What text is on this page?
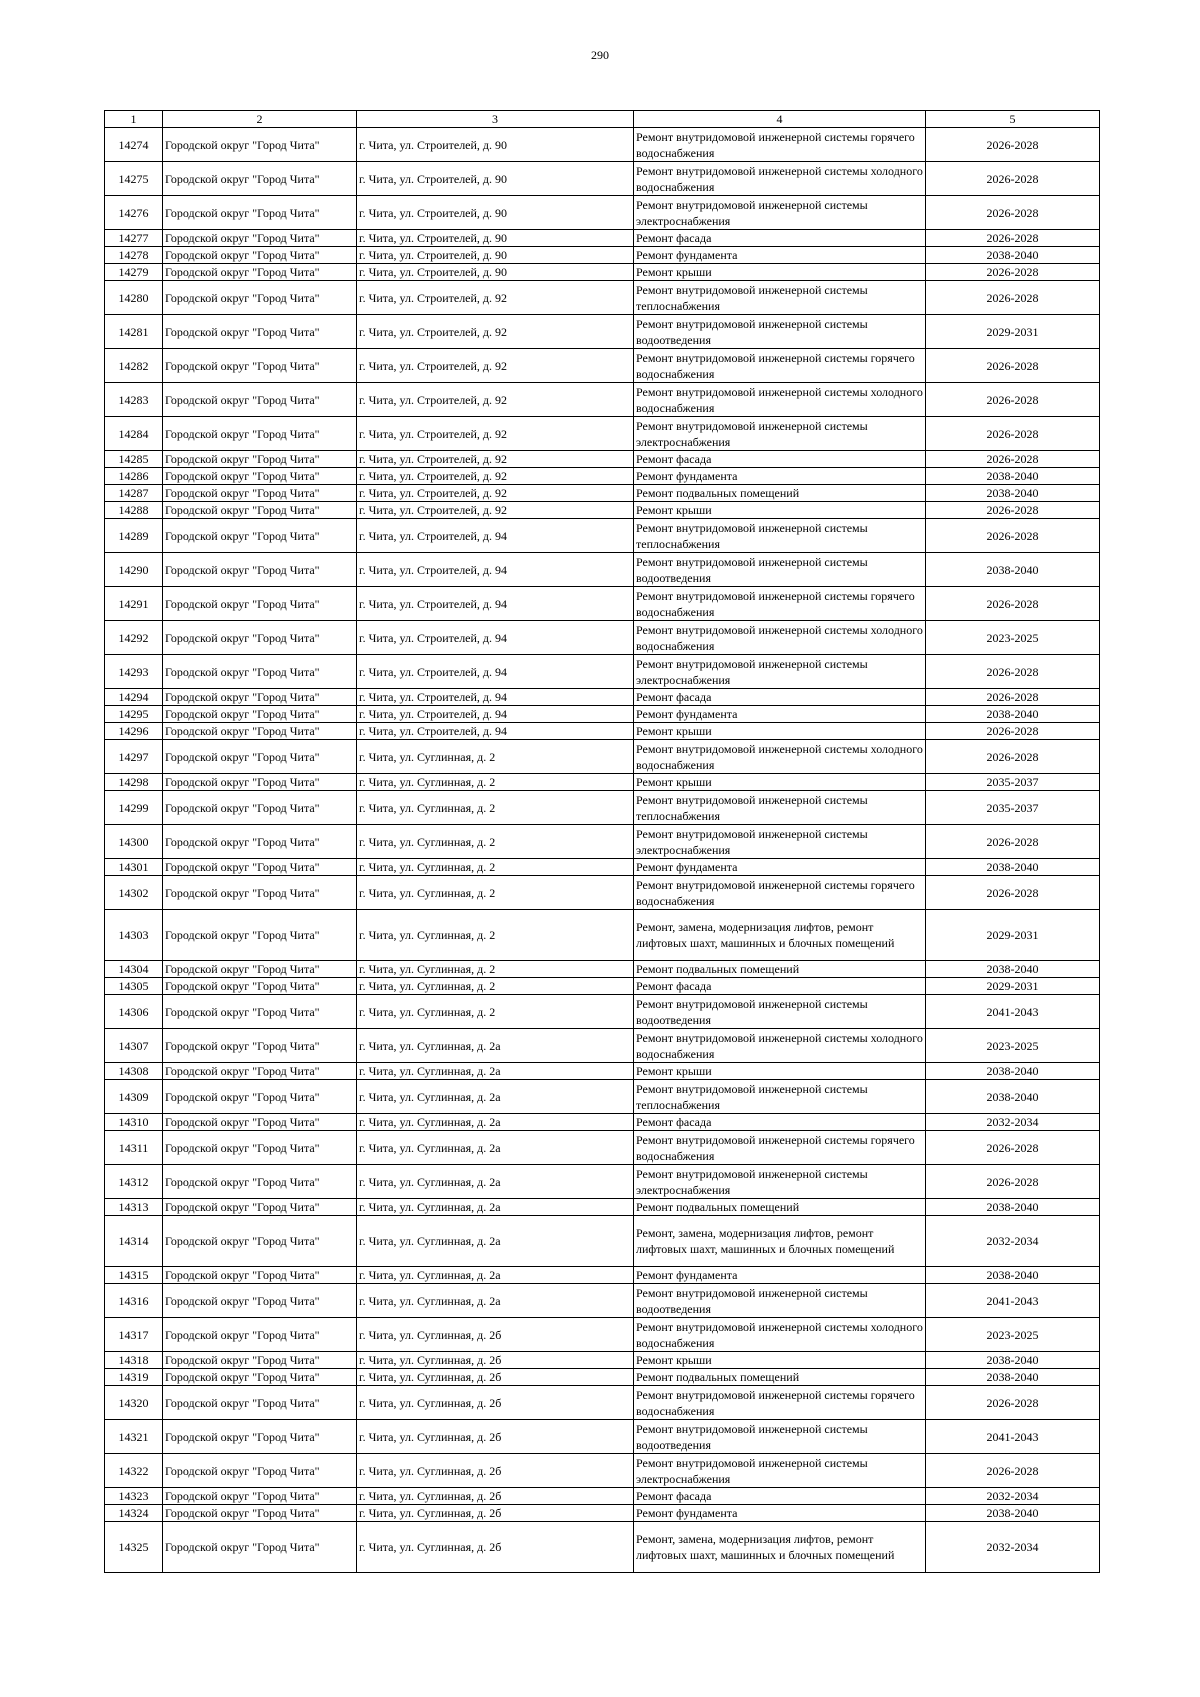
290
1	2	3	4	5
14274	Городской округ "Город Чита"	г. Чита, ул. Строителей, д. 90	Ремонт внутридомовой инженерной системы горячего водоснабжения	2026-2028
14275	Городской округ "Город Чита"	г. Чита, ул. Строителей, д. 90	Ремонт внутридомовой инженерной системы холодного водоснабжения	2026-2028
14276	Городской округ "Город Чита"	г. Чита, ул. Строителей, д. 90	Ремонт внутридомовой инженерной системы электроснабжения	2026-2028
14277	Городской округ "Город Чита"	г. Чита, ул. Строителей, д. 90	Ремонт фасада	2026-2028
14278	Городской округ "Город Чита"	г. Чита, ул. Строителей, д. 90	Ремонт фундамента	2038-2040
14279	Городской округ "Город Чита"	г. Чита, ул. Строителей, д. 90	Ремонт крыши	2026-2028
14280	Городской округ "Город Чита"	г. Чита, ул. Строителей, д. 92	Ремонт внутридомовой инженерной системы теплоснабжения	2026-2028
14281	Городской округ "Город Чита"	г. Чита, ул. Строителей, д. 92	Ремонт внутридомовой инженерной системы водоотведения	2029-2031
14282	Городской округ "Город Чита"	г. Чита, ул. Строителей, д. 92	Ремонт внутридомовой инженерной системы горячего водоснабжения	2026-2028
14283	Городской округ "Город Чита"	г. Чита, ул. Строителей, д. 92	Ремонт внутридомовой инженерной системы холодного водоснабжения	2026-2028
14284	Городской округ "Город Чита"	г. Чита, ул. Строителей, д. 92	Ремонт внутридомовой инженерной системы электроснабжения	2026-2028
14285	Городской округ "Город Чита"	г. Чита, ул. Строителей, д. 92	Ремонт фасада	2026-2028
14286	Городской округ "Город Чита"	г. Чита, ул. Строителей, д. 92	Ремонт фундамента	2038-2040
14287	Городской округ "Город Чита"	г. Чита, ул. Строителей, д. 92	Ремонт подвальных помещений	2038-2040
14288	Городской округ "Город Чита"	г. Чита, ул. Строителей, д. 92	Ремонт крыши	2026-2028
14289	Городской округ "Город Чита"	г. Чита, ул. Строителей, д. 94	Ремонт внутридомовой инженерной системы теплоснабжения	2026-2028
14290	Городской округ "Город Чита"	г. Чита, ул. Строителей, д. 94	Ремонт внутридомовой инженерной системы водоотведения	2038-2040
14291	Городской округ "Город Чита"	г. Чита, ул. Строителей, д. 94	Ремонт внутридомовой инженерной системы горячего водоснабжения	2026-2028
14292	Городской округ "Город Чита"	г. Чита, ул. Строителей, д. 94	Ремонт внутридомовой инженерной системы холодного водоснабжения	2023-2025
14293	Городской округ "Город Чита"	г. Чита, ул. Строителей, д. 94	Ремонт внутридомовой инженерной системы электроснабжения	2026-2028
14294	Городской округ "Город Чита"	г. Чита, ул. Строителей, д. 94	Ремонт фасада	2026-2028
14295	Городской округ "Город Чита"	г. Чита, ул. Строителей, д. 94	Ремонт фундамента	2038-2040
14296	Городской округ "Город Чита"	г. Чита, ул. Строителей, д. 94	Ремонт крыши	2026-2028
14297	Городской округ "Город Чита"	г. Чита, ул. Суглинная, д. 2	Ремонт внутридомовой инженерной системы холодного водоснабжения	2026-2028
14298	Городской округ "Город Чита"	г. Чита, ул. Суглинная, д. 2	Ремонт крыши	2035-2037
14299	Городской округ "Город Чита"	г. Чита, ул. Суглинная, д. 2	Ремонт внутридомовой инженерной системы теплоснабжения	2035-2037
14300	Городской округ "Город Чита"	г. Чита, ул. Суглинная, д. 2	Ремонт внутридомовой инженерной системы электроснабжения	2026-2028
14301	Городской округ "Город Чита"	г. Чита, ул. Суглинная, д. 2	Ремонт фундамента	2038-2040
14302	Городской округ "Город Чита"	г. Чита, ул. Суглинная, д. 2	Ремонт внутридомовой инженерной системы горячего водоснабжения	2026-2028
14303	Городской округ "Город Чита"	г. Чита, ул. Суглинная, д. 2	Ремонт, замена, модернизация лифтов, ремонт лифтовых шахт, машинных и блочных помещений	2029-2031
14304	Городской округ "Город Чита"	г. Чита, ул. Суглинная, д. 2	Ремонт подвальных помещений	2038-2040
14305	Городской округ "Город Чита"	г. Чита, ул. Суглинная, д. 2	Ремонт фасада	2029-2031
14306	Городской округ "Город Чита"	г. Чита, ул. Суглинная, д. 2	Ремонт внутридомовой инженерной системы водоотведения	2041-2043
14307	Городской округ "Город Чита"	г. Чита, ул. Суглинная, д. 2а	Ремонт внутридомовой инженерной системы холодного водоснабжения	2023-2025
14308	Городской округ "Город Чита"	г. Чита, ул. Суглинная, д. 2а	Ремонт крыши	2038-2040
14309	Городской округ "Город Чита"	г. Чита, ул. Суглинная, д. 2а	Ремонт внутридомовой инженерной системы теплоснабжения	2038-2040
14310	Городской округ "Город Чита"	г. Чита, ул. Суглинная, д. 2а	Ремонт фасада	2032-2034
14311	Городской округ "Город Чита"	г. Чита, ул. Суглинная, д. 2а	Ремонт внутридомовой инженерной системы горячего водоснабжения	2026-2028
14312	Городской округ "Город Чита"	г. Чита, ул. Суглинная, д. 2а	Ремонт внутридомовой инженерной системы электроснабжения	2026-2028
14313	Городской округ "Город Чита"	г. Чита, ул. Суглинная, д. 2а	Ремонт подвальных помещений	2038-2040
14314	Городской округ "Город Чита"	г. Чита, ул. Суглинная, д. 2а	Ремонт, замена, модернизация лифтов, ремонт лифтовых шахт, машинных и блочных помещений	2032-2034
14315	Городской округ "Город Чита"	г. Чита, ул. Суглинная, д. 2а	Ремонт фундамента	2038-2040
14316	Городской округ "Город Чита"	г. Чита, ул. Суглинная, д. 2а	Ремонт внутридомовой инженерной системы водоотведения	2041-2043
14317	Городской округ "Город Чита"	г. Чита, ул. Суглинная, д. 2б	Ремонт внутридомовой инженерной системы холодного водоснабжения	2023-2025
14318	Городской округ "Город Чита"	г. Чита, ул. Суглинная, д. 2б	Ремонт крыши	2038-2040
14319	Городской округ "Город Чита"	г. Чита, ул. Суглинная, д. 2б	Ремонт подвальных помещений	2038-2040
14320	Городской округ "Город Чита"	г. Чита, ул. Суглинная, д. 2б	Ремонт внутридомовой инженерной системы горячего водоснабжения	2026-2028
14321	Городской округ "Город Чита"	г. Чита, ул. Суглинная, д. 2б	Ремонт внутридомовой инженерной системы водоотведения	2041-2043
14322	Городской округ "Город Чита"	г. Чита, ул. Суглинная, д. 2б	Ремонт внутридомовой инженерной системы электроснабжения	2026-2028
14323	Городской округ "Город Чита"	г. Чита, ул. Суглинная, д. 2б	Ремонт фасада	2032-2034
14324	Городской округ "Город Чита"	г. Чита, ул. Суглинная, д. 2б	Ремонт фундамента	2038-2040
14325	Городской округ "Город Чита"	г. Чита, ул. Суглинная, д. 2б	Ремонт, замена, модернизация лифтов, ремонт лифтовых шахт, машинных и блочных помещений	2032-2034
